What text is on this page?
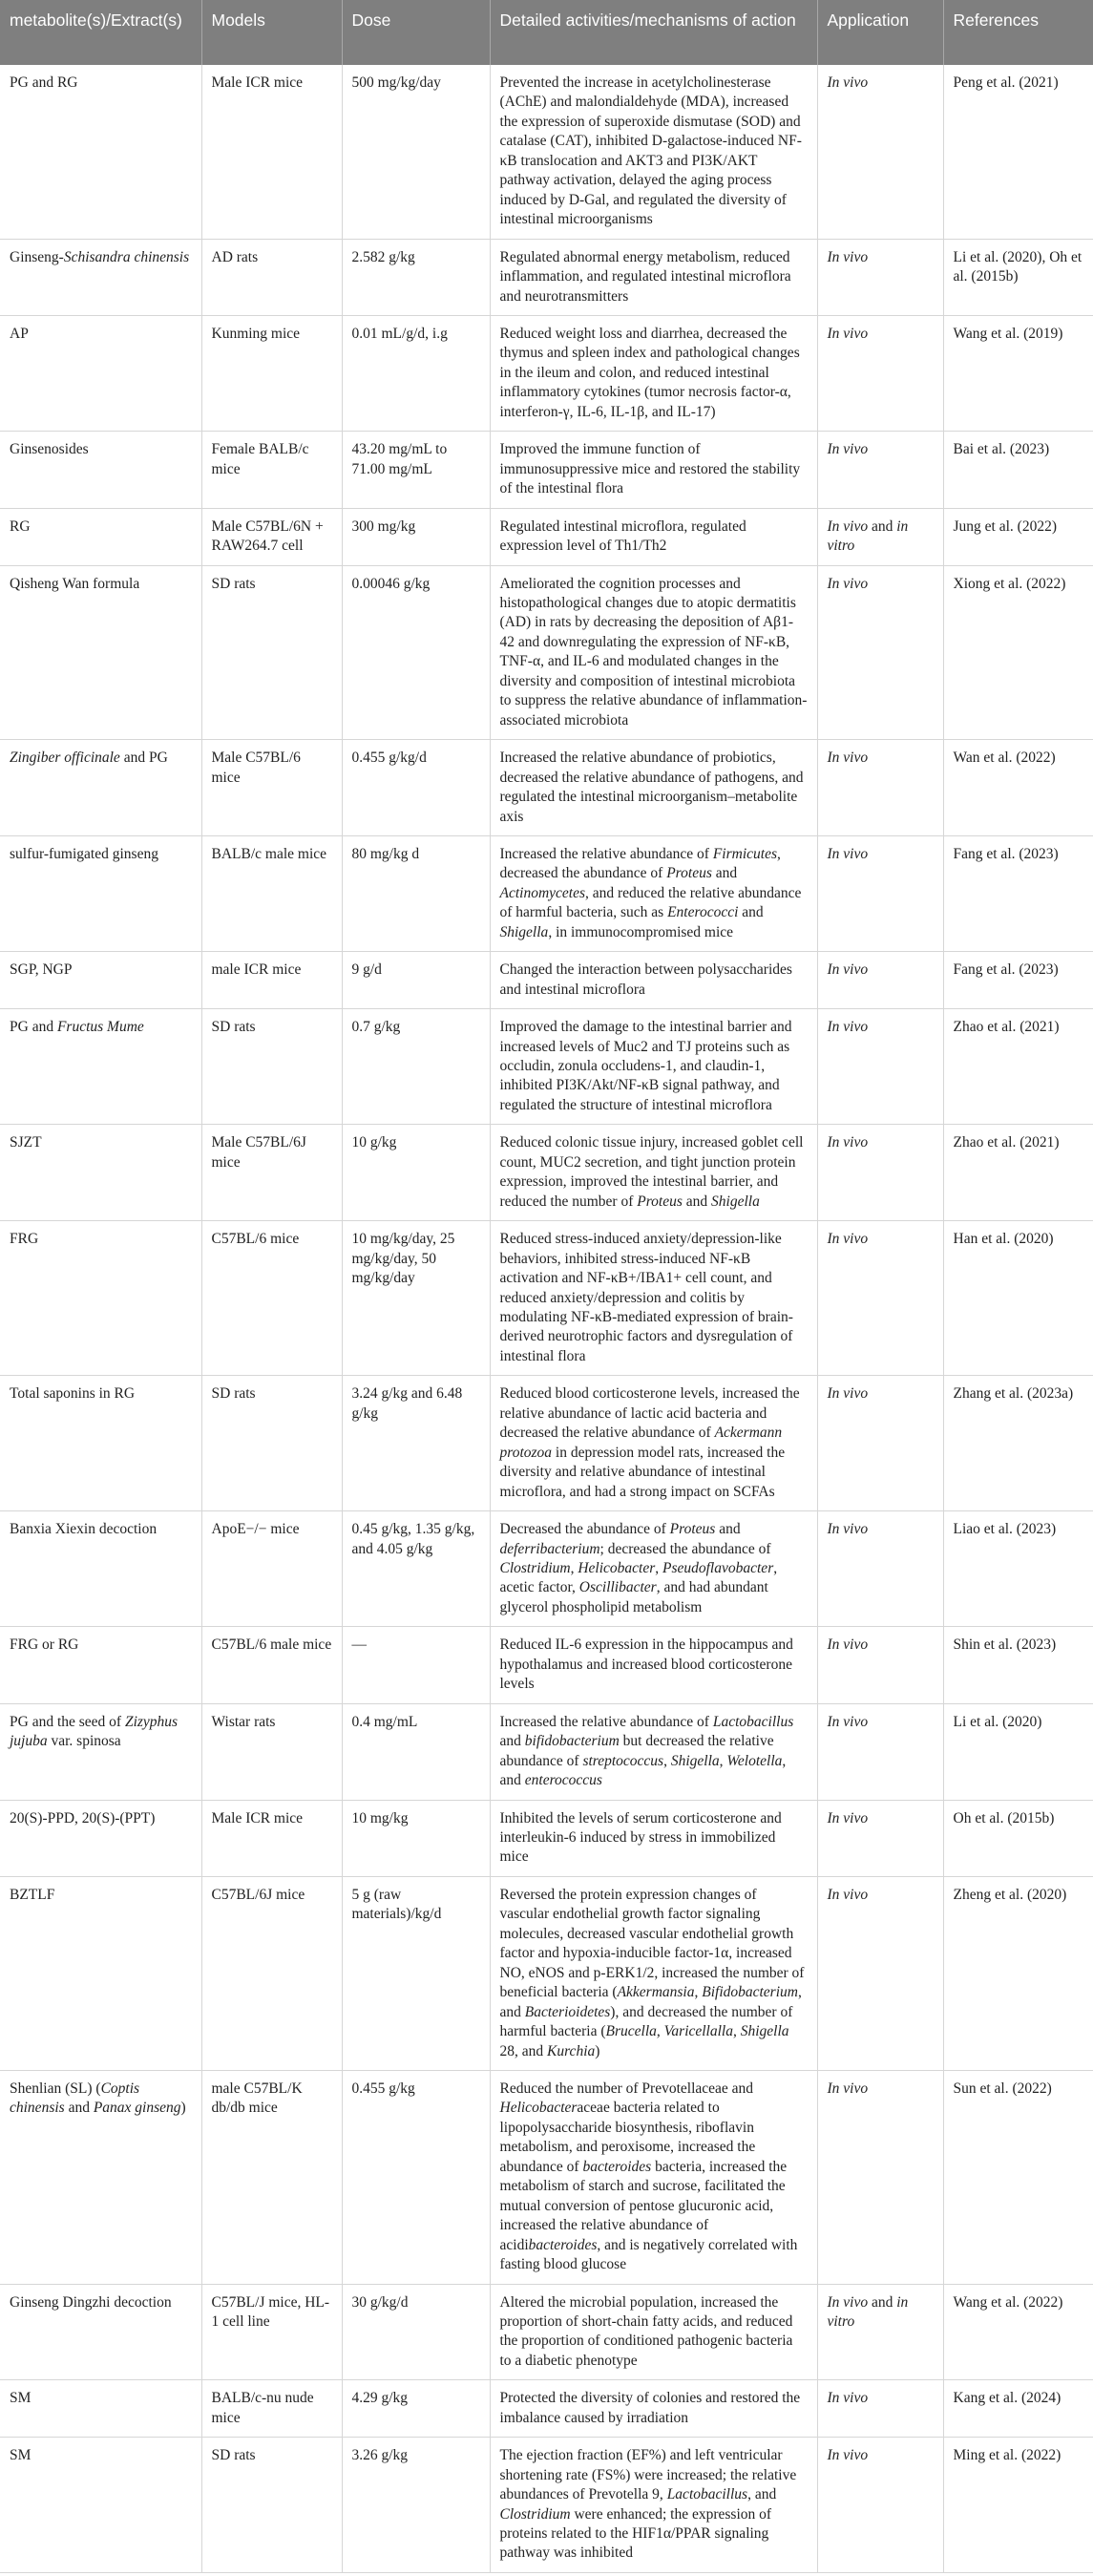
metabolite(s)/Extract(s)	Models	Dose	Detailed activities/mechanisms of action	Application	References
PG and RG	Male ICR mice	500 mg/kg/day	Prevented the increase in acetylcholinesterase (AChE) and malondialdehyde (MDA), increased the expression of superoxide dismutase (SOD) and catalase (CAT), inhibited D-galactose-induced NF-κB translocation and AKT3 and PI3K/AKT pathway activation, delayed the aging process induced by D-Gal, and regulated the diversity of intestinal microorganisms	In vivo	Peng et al. (2021)
Ginseng-Schisandra chinensis	AD rats	2.582 g/kg	Regulated abnormal energy metabolism, reduced inflammation, and regulated intestinal microflora and neurotransmitters	In vivo	Li et al. (2020), Oh et al. (2015b)
AP	Kunming mice	0.01 mL/g/d, i.g	Reduced weight loss and diarrhea, decreased the thymus and spleen index and pathological changes in the ileum and colon, and reduced intestinal inflammatory cytokines (tumor necrosis factor-α, interferon-γ, IL-6, IL-1β, and IL-17)	In vivo	Wang et al. (2019)
Ginsenosides	Female BALB/c mice	43.20 mg/mL to 71.00 mg/mL	Improved the immune function of immunosuppressive mice and restored the stability of the intestinal flora	In vivo	Bai et al. (2023)
RG	Male C57BL/6N + RAW264.7 cell	300 mg/kg	Regulated intestinal microflora, regulated expression level of Th1/Th2	In vivo and in vitro	Jung et al. (2022)
Qisheng Wan formula	SD rats	0.00046 g/kg	Ameliorated the cognition processes and histopathological changes due to atopic dermatitis (AD) in rats by decreasing the deposition of Aβ1-42 and downregulating the expression of NF-κB, TNF-α, and IL-6 and modulated changes in the diversity and composition of intestinal microbiota to suppress the relative abundance of inflammation-associated microbiota	In vivo	Xiong et al. (2022)
Zingiber officinale and PG	Male C57BL/6 mice	0.455 g/kg/d	Increased the relative abundance of probiotics, decreased the relative abundance of pathogens, and regulated the intestinal microorganism–metabolite axis	In vivo	Wan et al. (2022)
sulfur-fumigated ginseng	BALB/c male mice	80 mg/kg d	Increased the relative abundance of Firmicutes, decreased the abundance of Proteus and Actinomycetes, and reduced the relative abundance of harmful bacteria, such as Enterococci and Shigella, in immunocompromised mice	In vivo	Fang et al. (2023)
SGP, NGP	male ICR mice	9 g/d	Changed the interaction between polysaccharides and intestinal microflora	In vivo	Fang et al. (2023)
PG and Fructus Mume	SD rats	0.7 g/kg	Improved the damage to the intestinal barrier and increased levels of Muc2 and TJ proteins such as occludin, zonula occludens-1, and claudin-1, inhibited PI3K/Akt/NF-κB signal pathway, and regulated the structure of intestinal microflora	In vivo	Zhao et al. (2021)
SJZT	Male C57BL/6J mice	10 g/kg	Reduced colonic tissue injury, increased goblet cell count, MUC2 secretion, and tight junction protein expression, improved the intestinal barrier, and reduced the number of Proteus and Shigella	In vivo	Zhao et al. (2021)
FRG	C57BL/6 mice	10 mg/kg/day, 25 mg/kg/day, 50 mg/kg/day	Reduced stress-induced anxiety/depression-like behaviors, inhibited stress-induced NF-κB activation and NF-κB+/IBA1+ cell count, and reduced anxiety/depression and colitis by modulating NF-κB-mediated expression of brain-derived neurotrophic factors and dysregulation of intestinal flora	In vivo	Han et al. (2020)
Total saponins in RG	SD rats	3.24 g/kg and 6.48 g/kg	Reduced blood corticosterone levels, increased the relative abundance of lactic acid bacteria and decreased the relative abundance of Ackermann protozoa in depression model rats, increased the diversity and relative abundance of intestinal microflora, and had a strong impact on SCFAs	In vivo	Zhang et al. (2023a)
Banxia Xiexin decoction	ApoE−/− mice	0.45 g/kg, 1.35 g/kg, and 4.05 g/kg	Decreased the abundance of Proteus and deferribacterium; decreased the abundance of Clostridium, Helicobacter, Pseudoflavobacter, acetic factor, Oscillibacter, and had abundant glycerol phospholipid metabolism	In vivo	Liao et al. (2023)
FRG or RG	C57BL/6 male mice	—	Reduced IL-6 expression in the hippocampus and hypothalamus and increased blood corticosterone levels	In vivo	Shin et al. (2023)
PG and the seed of Zizyphus jujuba var. spinosa	Wistar rats	0.4 mg/mL	Increased the relative abundance of Lactobacillus and bifidobacterium but decreased the relative abundance of streptococcus, Shigella, Welotella, and enterococcus	In vivo	Li et al. (2020)
20(S)-PPD, 20(S)-(PPT)	Male ICR mice	10 mg/kg	Inhibited the levels of serum corticosterone and interleukin-6 induced by stress in immobilized mice	In vivo	Oh et al. (2015b)
BZTLF	C57BL/6J mice	5 g (raw materials)/kg/d	Reversed the protein expression changes of vascular endothelial growth factor signaling molecules, decreased vascular endothelial growth factor and hypoxia-inducible factor-1α, increased NO, eNOS and p-ERK1/2, increased the number of beneficial bacteria (Akkermansia, Bifidobacterium, and Bacterioidetes), and decreased the number of harmful bacteria (Brucella, Varicellalla, Shigella 28, and Kurchia)	In vivo	Zheng et al. (2020)
Shenlian (SL) (Coptis chinensis and Panax ginseng)	male C57BL/K db/db mice	0.455 g/kg	Reduced the number of Prevotellaceae and Helicobacteraceae bacteria related to lipopolysaccharide biosynthesis, riboflavin metabolism, and peroxisome, increased the abundance of bacteroides bacteria, increased the metabolism of starch and sucrose, facilitated the mutual conversion of pentose glucuronic acid, increased the relative abundance of acidibacteroides, and is negatively correlated with fasting blood glucose	In vivo	Sun et al. (2022)
Ginseng Dingzhi decoction	C57BL/J mice, HL-1 cell line	30 g/kg/d	Altered the microbial population, increased the proportion of short-chain fatty acids, and reduced the proportion of conditioned pathogenic bacteria to a diabetic phenotype	In vivo and in vitro	Wang et al. (2022)
SM	BALB/c-nu nude mice	4.29 g/kg	Protected the diversity of colonies and restored the imbalance caused by irradiation	In vivo	Kang et al. (2024)
SM	SD rats	3.26 g/kg	The ejection fraction (EF%) and left ventricular shortening rate (FS%) were increased; the relative abundances of Prevotella 9, Lactobacillus, and Clostridium were enhanced; the expression of proteins related to the HIF1α/PPAR signaling pathway was inhibited	In vivo	Ming et al. (2022)
